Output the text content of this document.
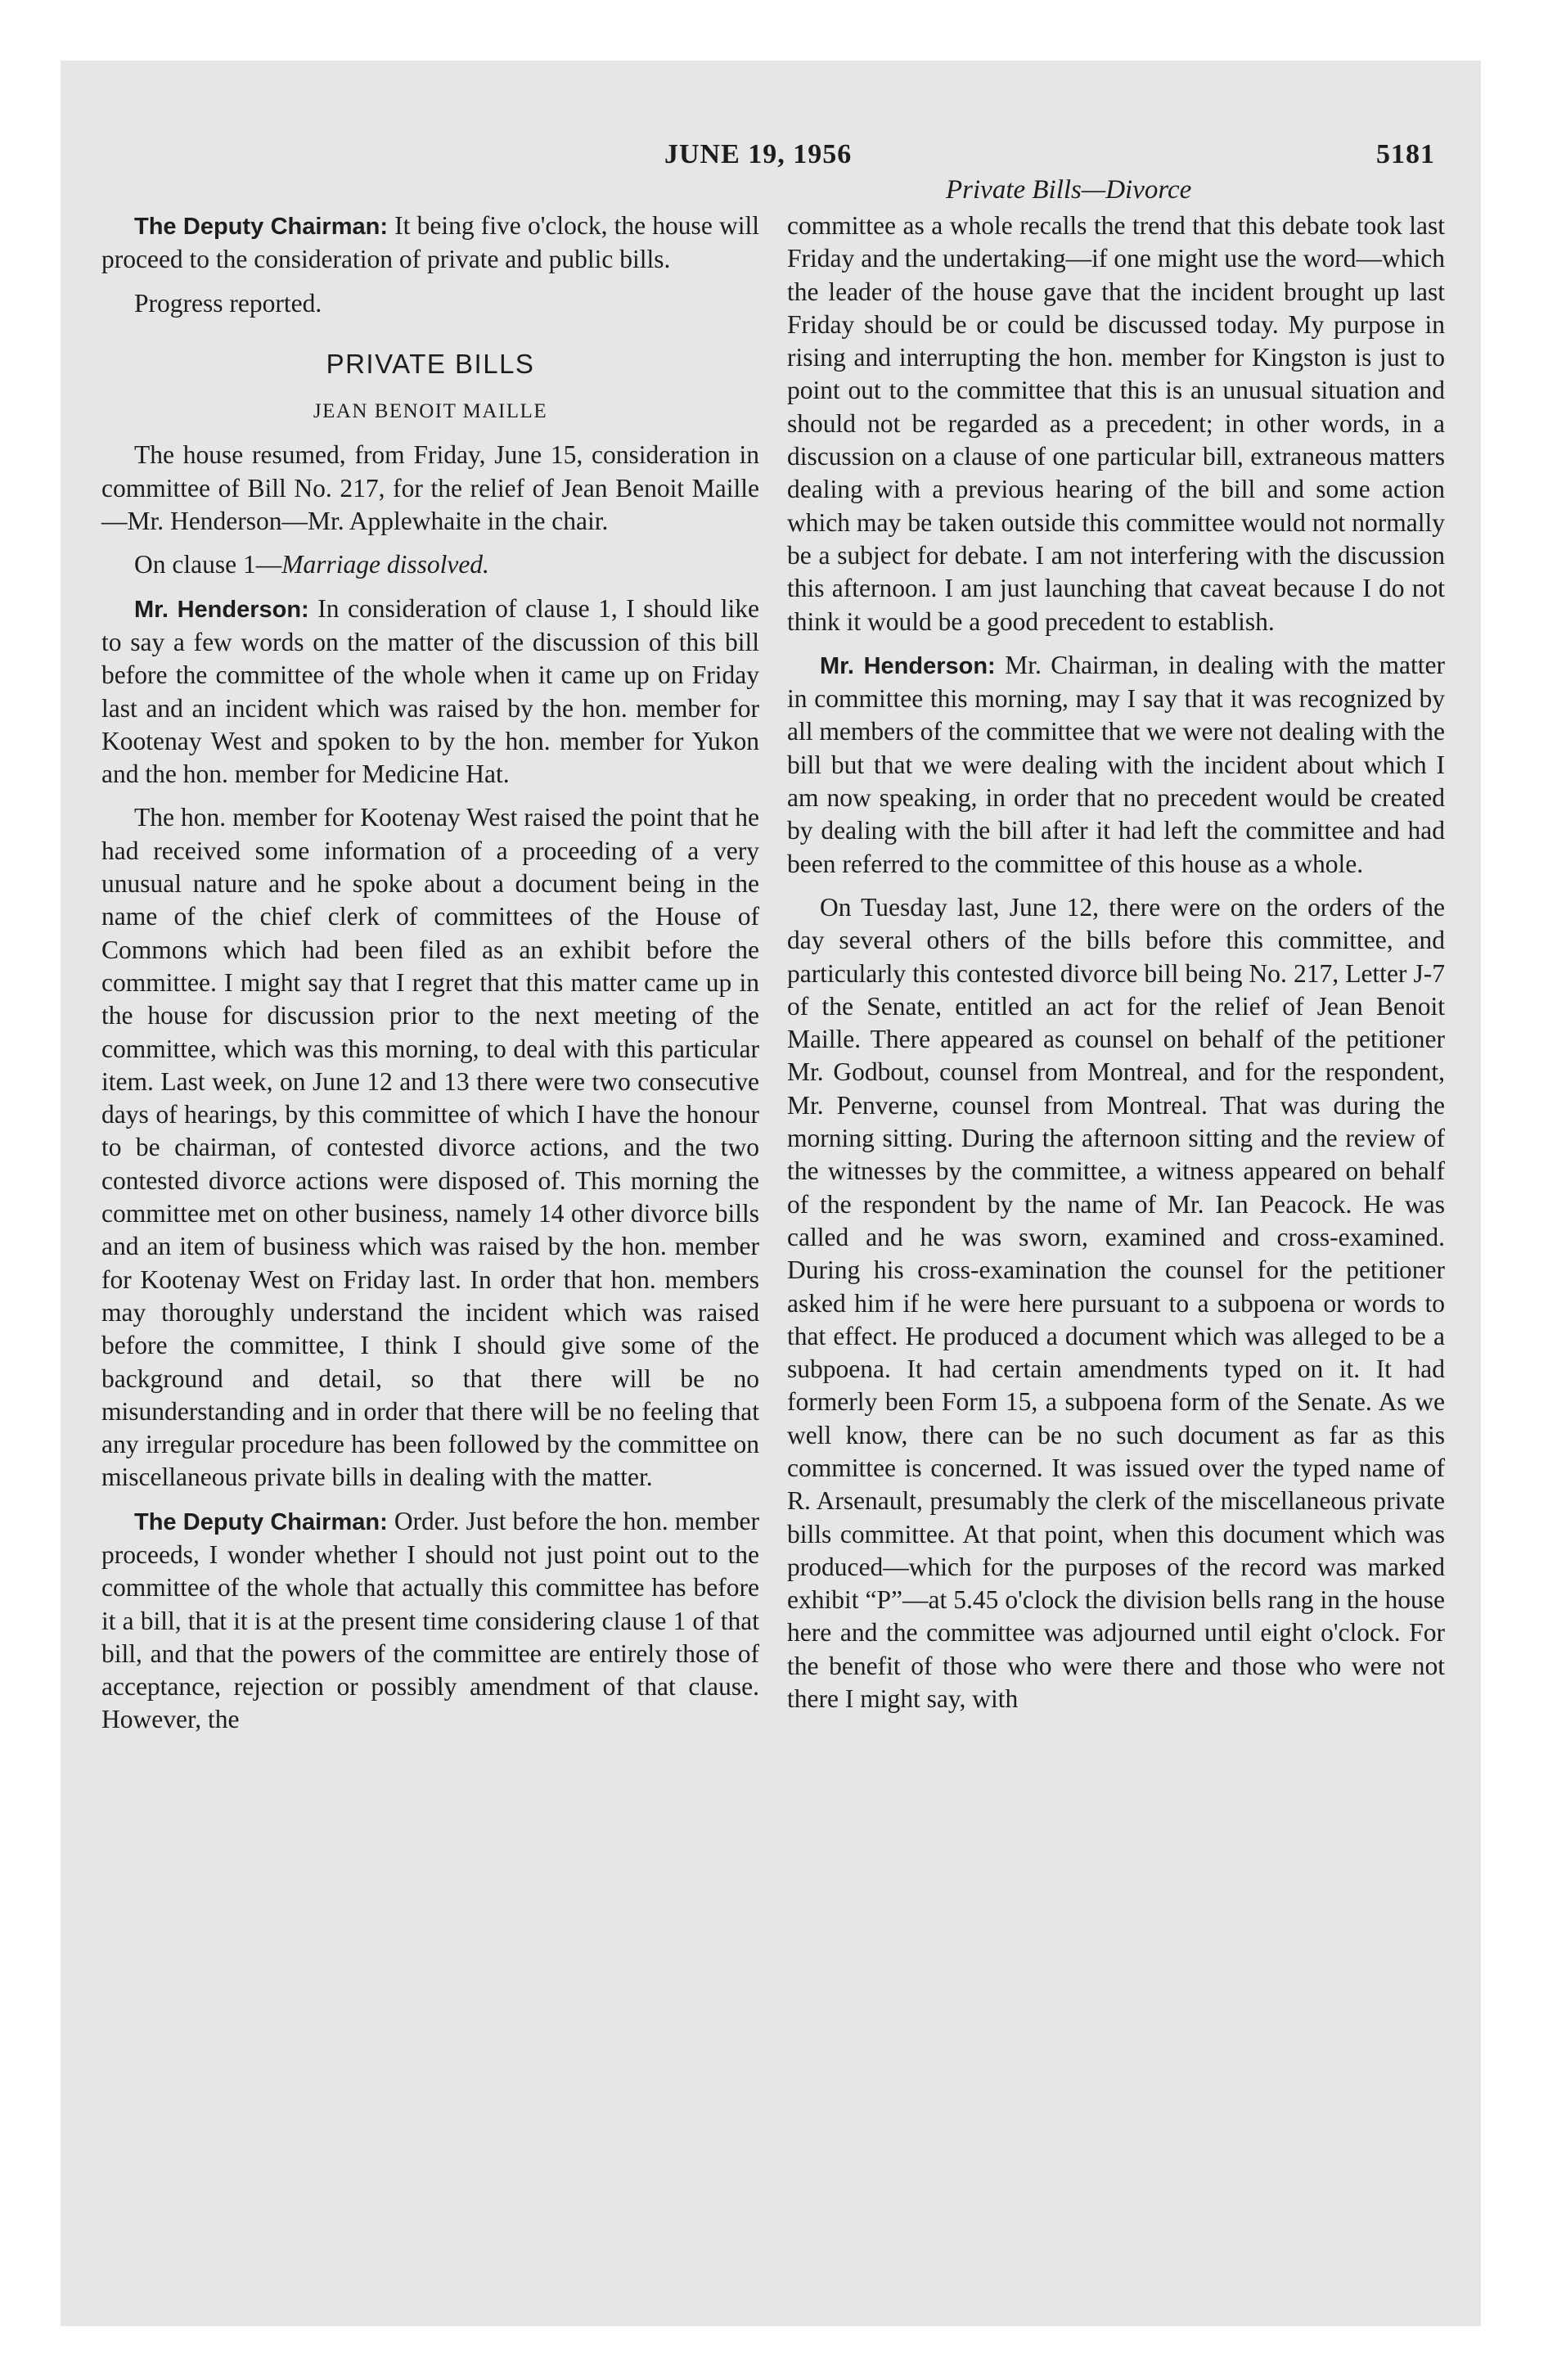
JUNE 19, 1956	5181
Private Bills—Divorce

The Deputy Chairman: It being five o'clock, the house will proceed to the consideration of private and public bills.

Progress reported.

PRIVATE BILLS

JEAN BENOIT MAILLE

The house resumed, from Friday, June 15, consideration in committee of Bill No. 217, for the relief of Jean Benoit Maille—Mr. Henderson—Mr. Applewhaite in the chair.

On clause 1—Marriage dissolved.

Mr. Henderson: In consideration of clause 1, I should like to say a few words on the matter of the discussion of this bill before the committee of the whole when it came up on Friday last and an incident which was raised by the hon. member for Kootenay West and spoken to by the hon. member for Yukon and the hon. member for Medicine Hat.

The hon. member for Kootenay West raised the point that he had received some information of a proceeding of a very unusual nature and he spoke about a document being in the name of the chief clerk of committees of the House of Commons which had been filed as an exhibit before the committee. I might say that I regret that this matter came up in the house for discussion prior to the next meeting of the committee, which was this morning, to deal with this particular item. Last week, on June 12 and 13 there were two consecutive days of hearings, by this committee of which I have the honour to be chairman, of contested divorce actions, and the two contested divorce actions were disposed of. This morning the committee met on other business, namely 14 other divorce bills and an item of business which was raised by the hon. member for Kootenay West on Friday last. In order that hon. members may thoroughly understand the incident which was raised before the committee, I think I should give some of the background and detail, so that there will be no misunderstanding and in order that there will be no feeling that any irregular procedure has been followed by the committee on miscellaneous private bills in dealing with the matter.

The Deputy Chairman: Order. Just before the hon. member proceeds, I wonder whether I should not just point out to the committee of the whole that actually this committee has before it a bill, that it is at the present time considering clause 1 of that bill, and that the powers of the committee are entirely those of acceptance, rejection or possibly amendment of that clause. However, the

committee as a whole recalls the trend that this debate took last Friday and the undertaking—if one might use the word—which the leader of the house gave that the incident brought up last Friday should be or could be discussed today. My purpose in rising and interrupting the hon. member for Kingston is just to point out to the committee that this is an unusual situation and should not be regarded as a precedent; in other words, in a discussion on a clause of one particular bill, extraneous matters dealing with a previous hearing of the bill and some action which may be taken outside this committee would not normally be a subject for debate. I am not interfering with the discussion this afternoon. I am just launching that caveat because I do not think it would be a good precedent to establish.

Mr. Henderson: Mr. Chairman, in dealing with the matter in committee this morning, may I say that it was recognized by all members of the committee that we were not dealing with the bill but that we were dealing with the incident about which I am now speaking, in order that no precedent would be created by dealing with the bill after it had left the committee and had been referred to the committee of this house as a whole.

On Tuesday last, June 12, there were on the orders of the day several others of the bills before this committee, and particularly this contested divorce bill being No. 217, Letter J-7 of the Senate, entitled an act for the relief of Jean Benoit Maille. There appeared as counsel on behalf of the petitioner Mr. Godbout, counsel from Montreal, and for the respondent, Mr. Penverne, counsel from Montreal. That was during the morning sitting. During the afternoon sitting and the review of the witnesses by the committee, a witness appeared on behalf of the respondent by the name of Mr. Ian Peacock. He was called and he was sworn, examined and cross-examined. During his cross-examination the counsel for the petitioner asked him if he were here pursuant to a subpoena or words to that effect. He produced a document which was alleged to be a subpoena. It had certain amendments typed on it. It had formerly been Form 15, a subpoena form of the Senate. As we well know, there can be no such document as far as this committee is concerned. It was issued over the typed name of R. Arsenault, presumably the clerk of the miscellaneous private bills committee. At that point, when this document which was produced—which for the purposes of the record was marked exhibit “P”—at 5.45 o'clock the division bells rang in the house here and the committee was adjourned until eight o'clock. For the benefit of those who were there and those who were not there I might say, with
